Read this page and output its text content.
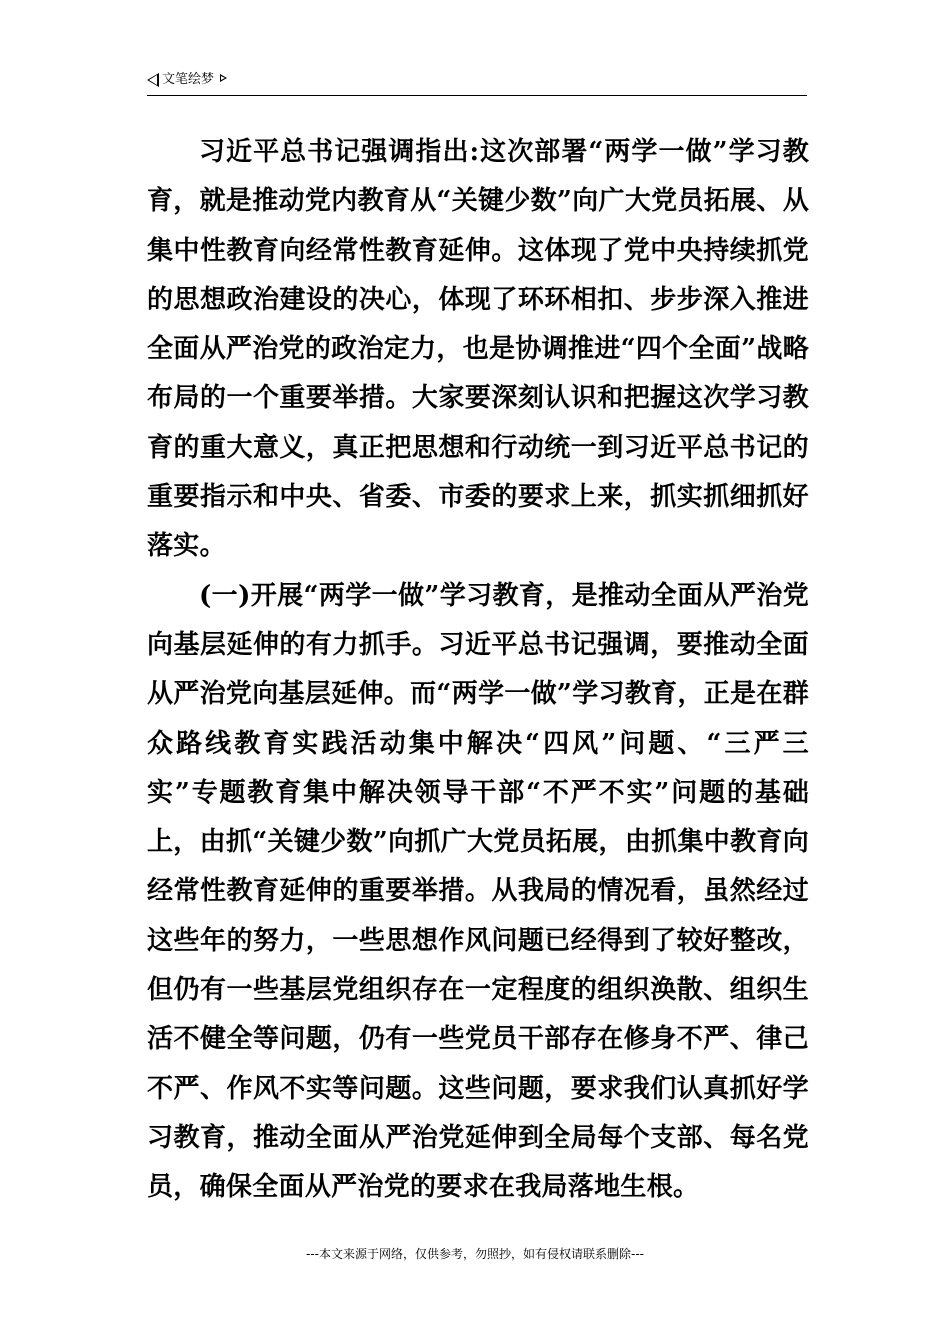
文笔绘梦

习近平总书记强调指出:这次部署“两学一做”学习教育，就是推动党内教育从“关键少数”向广大党员拓展、从集中性教育向经常性教育延伸。这体现了党中央持续抓党的思想政治建设的决心，体现了环环相扣、步步深入推进全面从严治党的政治定力，也是协调推进“四个全面”战略布局的一个重要举措。大家要深刻认识和把握这次学习教育的重大意义，真正把思想和行动统一到习近平总书记的重要指示和中央、省委、市委的要求上来，抓实抓细抓好落实。

(一)开展“两学一做”学习教育，是推动全面从严治党向基层延伸的有力抓手。习近平总书记强调，要推动全面从严治党向基层延伸。而“两学一做”学习教育，正是在群众路线教育实践活动集中解决“四风”问题、“三严三实”专题教育集中解决领导干部“不严不实”问题的基础上，由抓“关键少数”向抓广大党员拓展，由抓集中教育向经常性教育延伸的重要举措。从我局的情况看，虽然经过这些年的努力，一些思想作风问题已经得到了较好整改，但仍有一些基层党组织存在一定程度的组织涣散、组织生活不健全等问题，仍有一些党员干部存在修身不严、律己不严、作风不实等问题。这些问题，要求我们认真抓好学习教育，推动全面从严治党延伸到全局每个支部、每名党员，确保全面从严治党的要求在我局落地生根。

---本文来源于网络，仅供参考，勿照抄，如有侵权请联系删除---
